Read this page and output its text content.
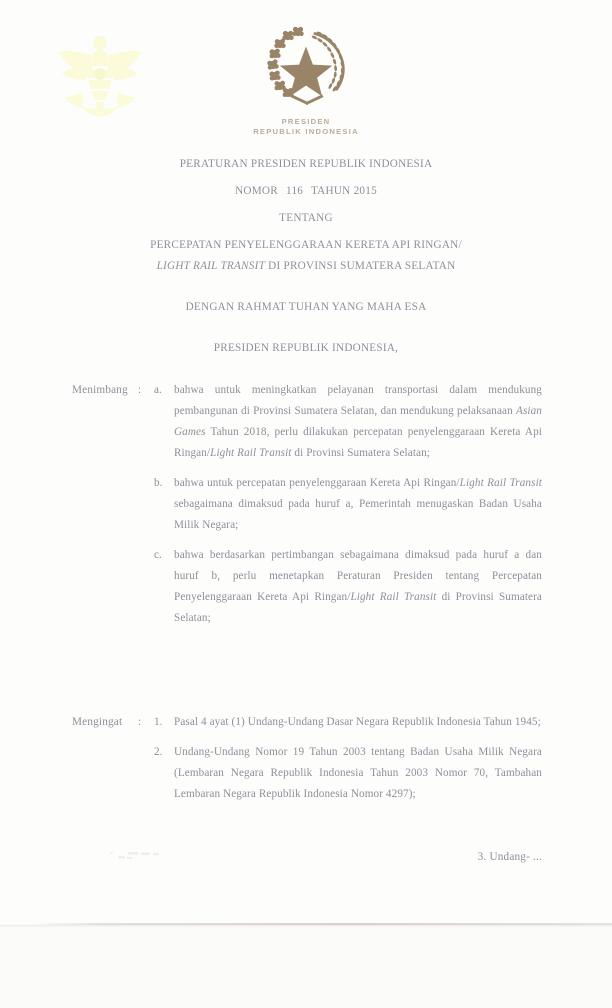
PRESIDEN
REPUBLIK INDONESIA
PERATURAN PRESIDEN REPUBLIK INDONESIA
NOMOR 116 TAHUN 2015
TENTANG
PERCEPATAN PENYELENGGARAAN KERETA API RINGAN/
LIGHT RAIL TRANSIT DI PROVINSI SUMATERA SELATAN
DENGAN RAHMAT TUHAN YANG MAHA ESA
PRESIDEN REPUBLIK INDONESIA,
Menimbang :	a.	bahwa untuk meningkatkan pelayanan transportasi dalam mendukung pembangunan di Provinsi Sumatera Selatan, dan mendukung pelaksanaan Asian Games Tahun 2018, perlu dilakukan percepatan penyelenggaraan Kereta Api Ringan/Light Rail Transit di Provinsi Sumatera Selatan;
b.	bahwa untuk percepatan penyelenggaraan Kereta Api Ringan/Light Rail Transit sebagaimana dimaksud pada huruf a, Pemerintah menugaskan Badan Usaha Milik Negara;
c.	bahwa berdasarkan pertimbangan sebagaimana dimaksud pada huruf a dan huruf b, perlu menetapkan Peraturan Presiden tentang Percepatan Penyelenggaraan Kereta Api Ringan/Light Rail Transit di Provinsi Sumatera Selatan;
Mengingat	:	1.	Pasal 4 ayat (1) Undang-Undang Dasar Negara Republik Indonesia Tahun 1945;
2.	Undang-Undang Nomor 19 Tahun 2003 tentang Badan Usaha Milik Negara (Lembaran Negara Republik Indonesia Tahun 2003 Nomor 70, Tambahan Lembaran Negara Republik Indonesia Nomor 4297);
3. Undang- ...
